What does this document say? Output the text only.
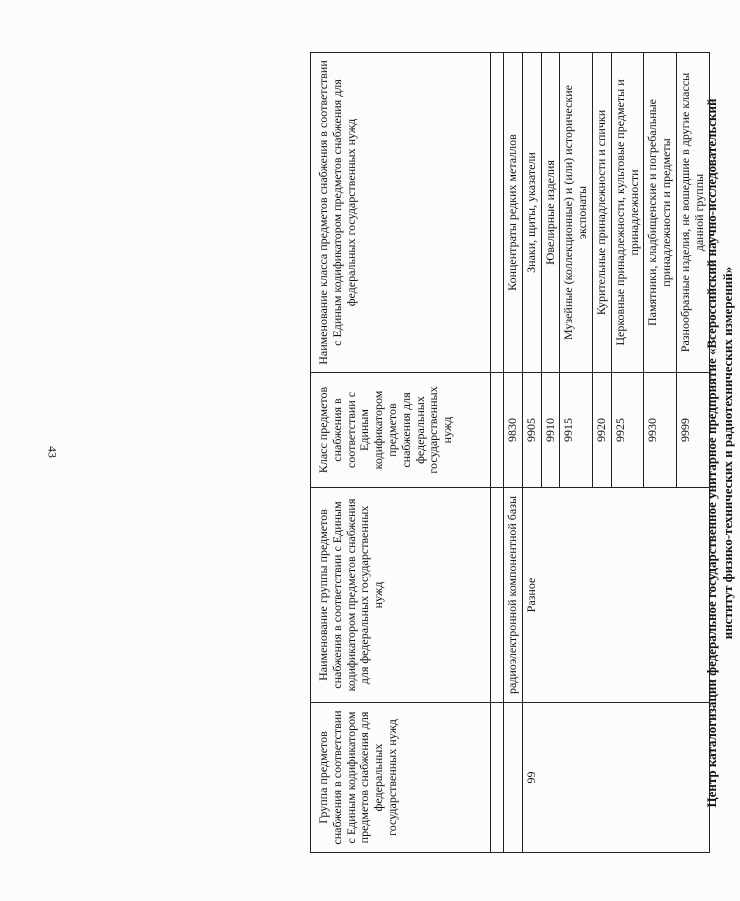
43
Группа предметов снабжения в соответствии с Единым кодификатором предметов снабжения для федеральных государственных нужд	Наименование группы предметов снабжения в соответствии с Единым кодификатором предметов снабжения для федеральных государственных нужд	Класс предметов снабжения в соответствии с Единым кодификатором предметов снабжения для федеральных государственных нужд	Наименование класса предметов снабжения в соответствии с Единым кодификатором предметов снабжения для федеральных государственных нужд

	радиоэлектронной компонентной базы	9830	Концентраты редких металлов
99	Разное	9905	Знаки, щиты, указатели
		9910	Ювелирные изделия
		9915	Музейные (коллекционные) и (или) исторические экспонаты
		9920	Курительные принадлежности и спички
		9925	Церковные принадлежности, культовые предметы и принадлежности
		9930	Памятники, кладбищенские и погребальные принадлежности и предметы
		9999	Разнообразные изделия, не вошедшие в другие классы данной группы
Центр каталогизации федеральное государственное унитарное предприятие «Всероссийский научно-исследовательский институт физико-технических и радиотехнических измерений»
